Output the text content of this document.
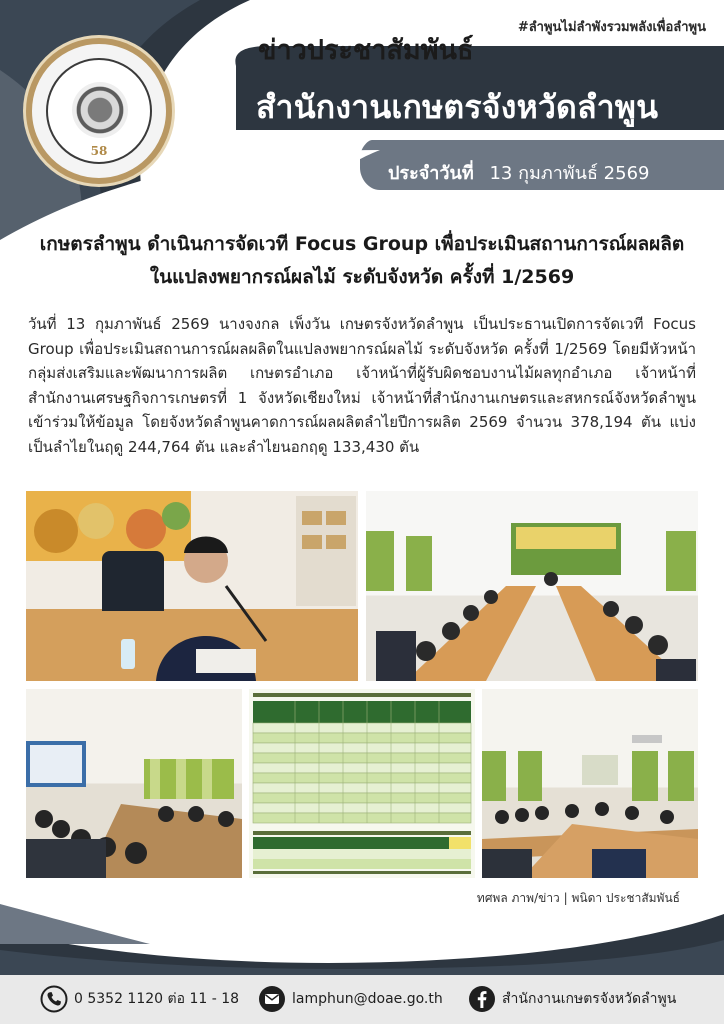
58
#ลำพูนไม่ลำพังรวมพลังเพื่อลำพูน
ข่าวประชาสัมพันธ์
สำนักงานเกษตรจังหวัดลำพูน
ประจำวันที่ 13 กุมภาพันธ์ 2569
เกษตรลำพูน ดำเนินการจัดเวที Focus Group เพื่อประเมินสถานการณ์ผลผลิต
ในแปลงพยากรณ์ผลไม้ ระดับจังหวัด ครั้งที่ 1/2569
วันที่ 13 กุมภาพันธ์ 2569 นางจงกล เพ็งวัน เกษตรจังหวัดลำพูน เป็นประธานเปิดการจัดเวที Focus Group เพื่อประเมินสถานการณ์ผลผลิตในแปลงพยากรณ์ผลไม้ ระดับจังหวัด ครั้งที่ 1/2569 โดยมีหัวหน้ากลุ่มส่งเสริมและพัฒนาการผลิต เกษตรอำเภอ เจ้าหน้าที่ผู้รับผิดชอบงานไม้ผลทุกอำเภอ เจ้าหน้าที่สำนักงานเศรษฐกิจการเกษตรที่ 1 จังหวัดเชียงใหม่ เจ้าหน้าที่สำนักงานเกษตรและสหกรณ์จังหวัดลำพูน เข้าร่วมให้ข้อมูล โดยจังหวัดลำพูนคาดการณ์ผลผลิตลำไยปีการผลิต 2569 จำนวน 378,194 ตัน แบ่งเป็นลำไยในฤดู 244,764 ตัน และลำไยนอกฤดู 133,430 ตัน
ทศพล ภาพ/ข่าว | พนิดา ประชาสัมพันธ์
0 5352 1120 ต่อ 11 - 18	lamphun@doae.go.th	สำนักงานเกษตรจังหวัดลำพูน
